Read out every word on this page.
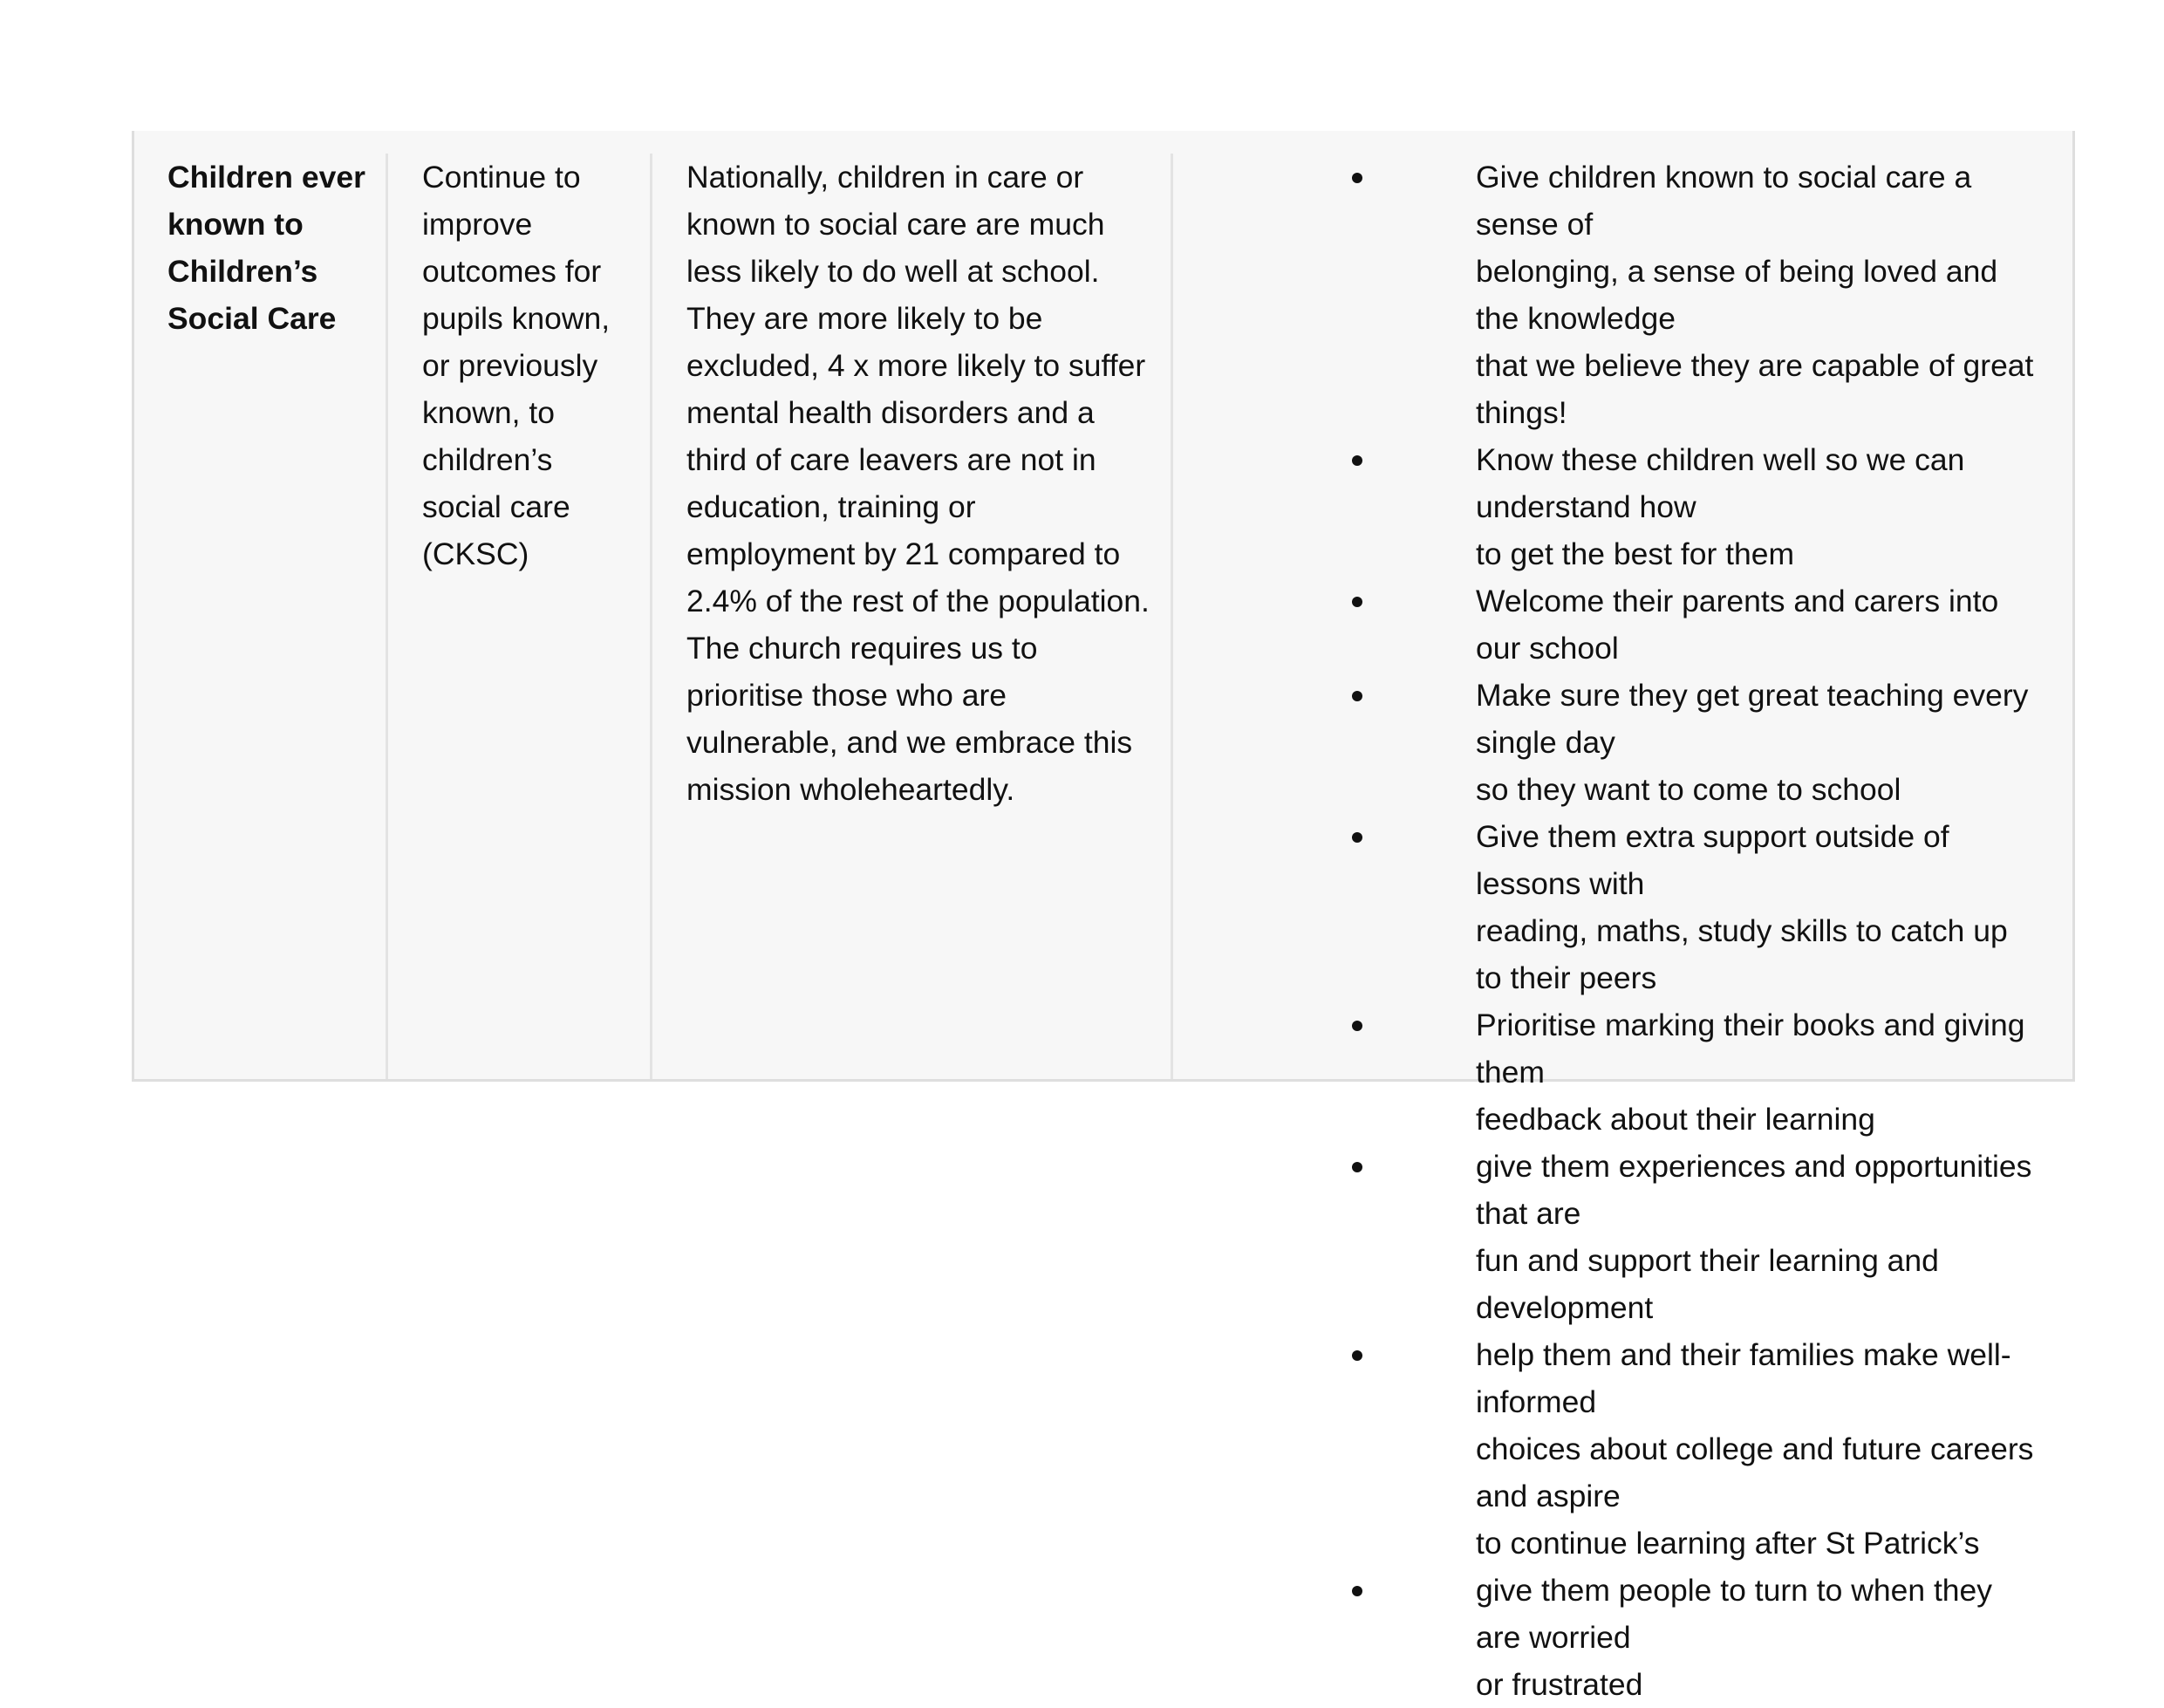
Children ever
known to
Children’s
Social Care
Continue to
improve
outcomes for
pupils known,
or previously
known, to
children’s
social care
(CKSC)
Nationally, children in care or
known to social care are much
less likely to do well at school.
They are more likely to be
excluded, 4 x more likely to suffer
mental health disorders and a
third of care leavers are not in
education, training or
employment by 21 compared to
2.4% of the rest of the population.
The church requires us to
prioritise those who are
vulnerable, and we embrace this
mission wholeheartedly.
Give children known to social care a sense of
belonging, a sense of being loved and the knowledge
that we believe they are capable of great things!
Know these children well so we can understand how
to get the best for them
Welcome their parents and carers into our school
Make sure they get great teaching every single day
so they want to come to school
Give them extra support outside of lessons with
reading, maths, study skills to catch up to their peers
Prioritise marking their books and giving them
feedback about their learning
give them experiences and opportunities that are
fun and support their learning and development
help them and their families make well-informed
choices about college and future careers and aspire
to continue learning after St Patrick’s
give them people to turn to when they are worried
or frustrated
